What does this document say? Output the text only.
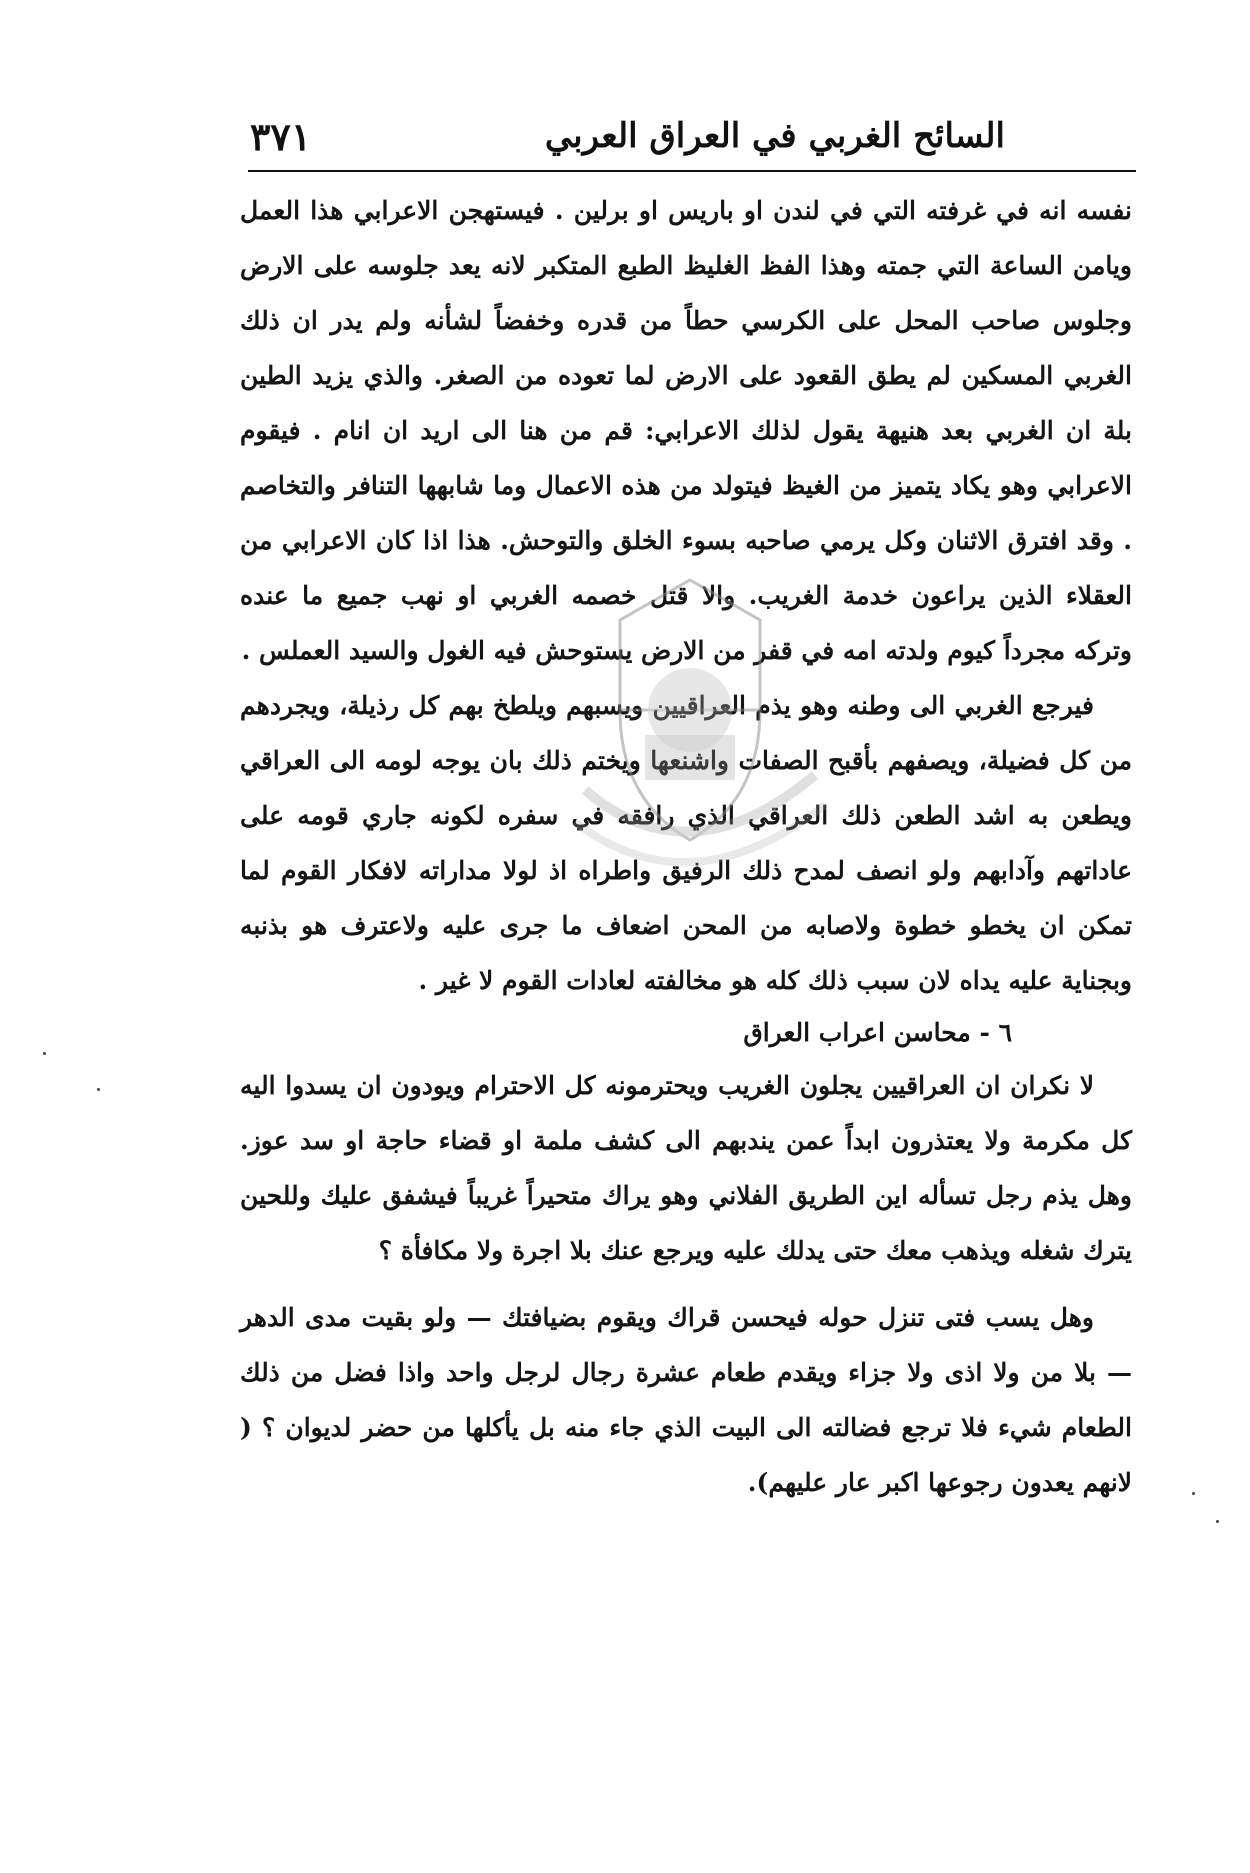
السائح الغربي في العراق العربي
٣٧١

نفسه انه في غرفته التي في لندن او باريس او برلين . فيستهجن الاعرابي هذا العمل ويامن الساعة التي جمته وهذا الفظ الغليظ الطبع المتكبر لانه يعد جلوسه على الارض وجلوس صاحب المحل على الكرسي حطاً من قدره وخفضاً لشأنه ولم يدر ان ذلك الغربي المسكين لم يطق القعود على الارض لما تعوده من الصغر. والذي يزيد الطين بلة ان الغربي بعد هنيهة يقول لذلك الاعرابي: قم من هنا الى اريد ان انام . فيقوم الاعرابي وهو يكاد يتميز من الغيظ فيتولد من هذه الاعمال وما شابهها التنافر والتخاصم . وقد افترق الاثنان وكل يرمي صاحبه بسوء الخلق والتوحش. هذا اذا كان الاعرابي من العقلاء الذين يراعون خدمة الغريب. والا قتل خصمه الغربي او نهب جميع ما عنده وتركه مجرداً كيوم ولدته امه في قفر من الارض يستوحش فيه الغول والسيد العملس .

فيرجع الغربي الى وطنه وهو يذم العراقيين ويسبهم ويلطخ بهم كل رذيلة، ويجردهم من كل فضيلة، ويصفهم بأقبح الصفات واشنعها ويختم ذلك بان يوجه لومه الى العراقي ويطعن به اشد الطعن ذلك العراقي الذي رافقه في سفره لكونه جاري قومه على عاداتهم وآدابهم ولو انصف لمدح ذلك الرفيق واطراه اذ لولا مداراته لافكار القوم لما تمكن ان يخطو خطوة ولاصابه من المحن اضعاف ما جرى عليه ولاعترف هو بذنبه وبجناية عليه يداه لان سبب ذلك كله هو مخالفته لعادات القوم لا غير .

٦ - محاسن اعراب العراق

لا نكران ان العراقيين يجلون الغريب ويحترمونه كل الاحترام ويودون ان يسدوا اليه كل مكرمة ولا يعتذرون ابداً عمن يندبهم الى كشف ملمة او قضاء حاجة او سد عوز. وهل يذم رجل تسأله اين الطريق الفلاني وهو يراك متحيراً غريباً فيشفق عليك وللحين يترك شغله ويذهب معك حتى يدلك عليه ويرجع عنك بلا اجرة ولا مكافأة ؟

وهل يسب فتى تنزل حوله فيحسن قراك ويقوم بضيافتك — ولو بقيت مدى الدهر — بلا من ولا اذى ولا جزاء ويقدم طعام عشرة رجال لرجل واحد واذا فضل من ذلك الطعام شيء فلا ترجع فضالته الى البيت الذي جاء منه بل يأكلها من حضر لديوان ؟ ( لانهم يعدون رجوعها اكبر عار عليهم).
